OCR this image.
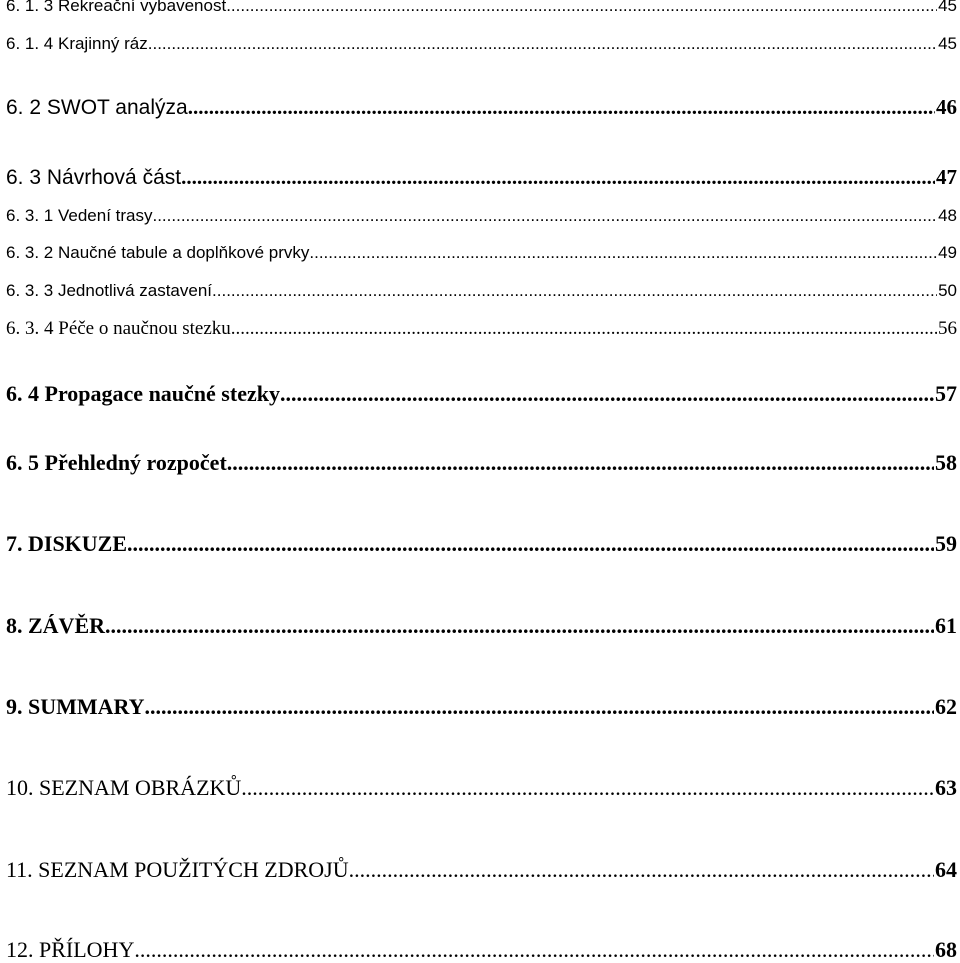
6. 1. 3 Rekreační vybavenost .....	45
6. 1. 4 Krajinný ráz .....	45
6. 2 SWOT analýza .....	46
6. 3 Návrhová část .....	47
6. 3. 1 Vedení trasy .....	48
6. 3. 2 Naučné tabule a doplňkové prvky .....	49
6. 3. 3 Jednotlivá zastavení .....	50
6. 3. 4 Péče o naučnou stezku .....	56
6. 4 Propagace naučné stezky .....	57
6. 5 Přehledný rozpočet .....	58
7. DISKUZE .....	59
8. ZÁVĚR .....	61
9. SUMMARY .....	62
10. SEZNAM OBRÁZKŮ .....	63
11. SEZNAM POUŽITÝCH ZDROJŮ .....	64
12. PŘÍLOHY .....	68
